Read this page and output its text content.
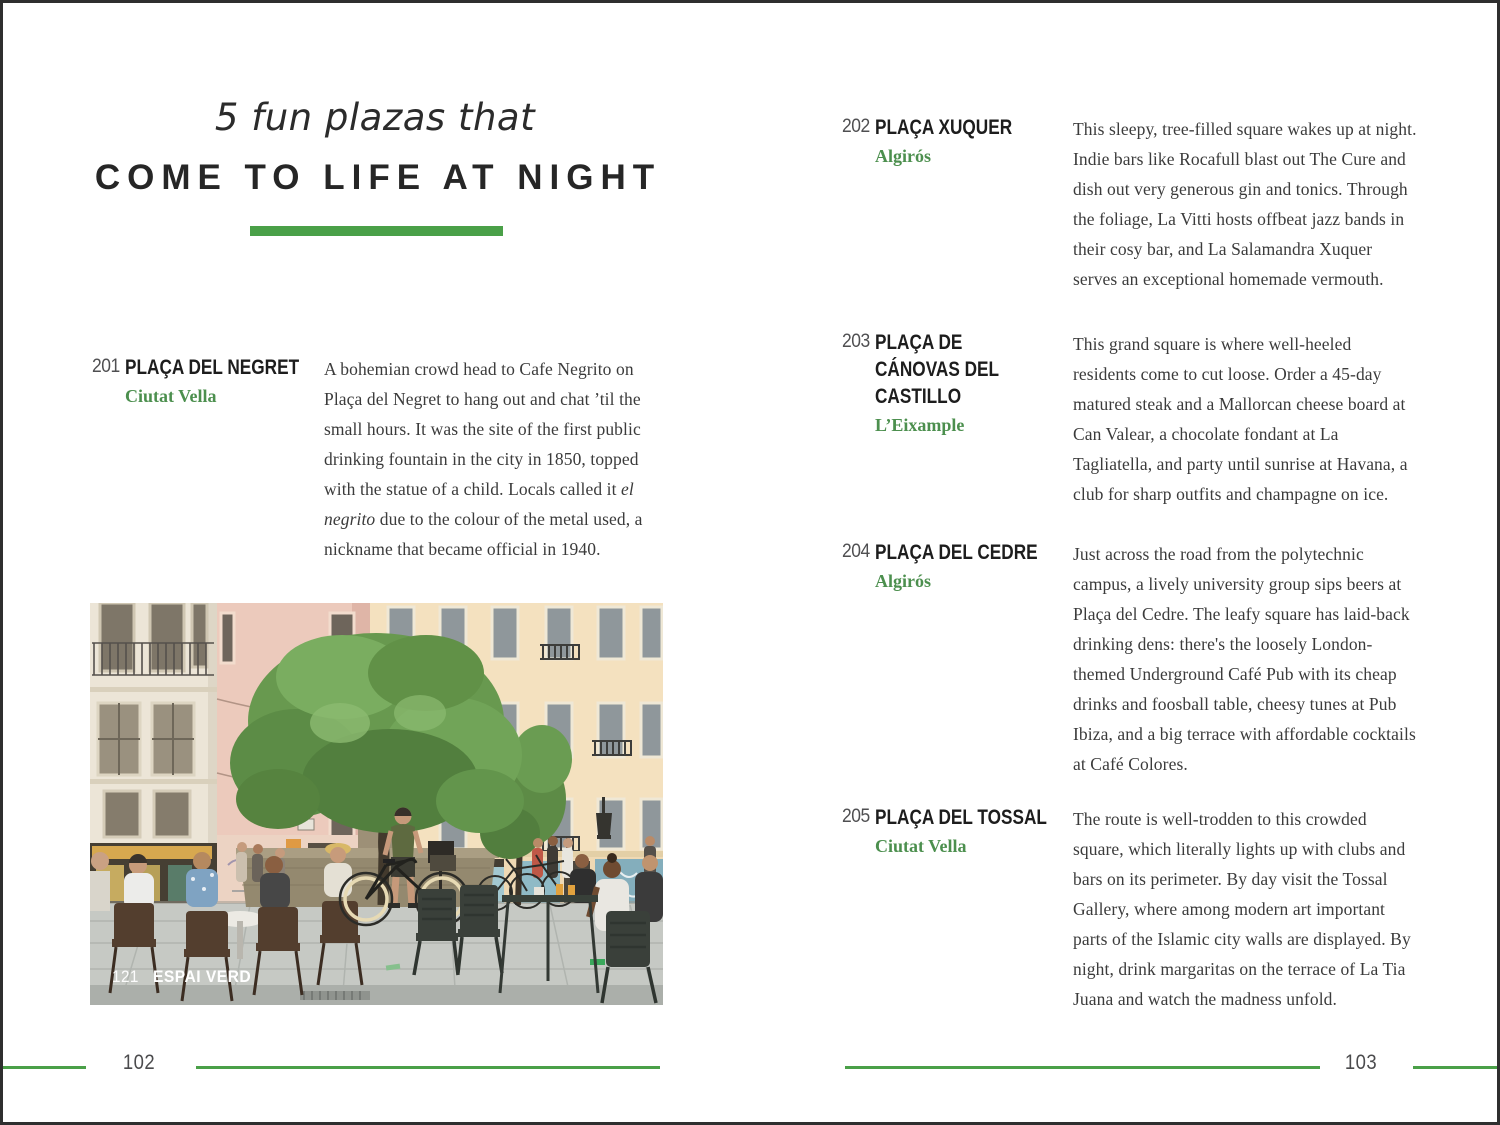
5 fun plazas that
COME TO LIFE AT NIGHT
201 PLAÇA DEL NEGRET
Ciutat Vella
A bohemian crowd head to Cafe Negrito on Plaça del Negret to hang out and chat ’til the small hours. It was the site of the first public drinking fountain in the city in 1850, topped with the statue of a child. Locals called it el negrito due to the colour of the metal used, a nickname that became official in 1940.
121 ESPAI VERD
102
202 PLAÇA XUQUER
Algirós
This sleepy, tree-filled square wakes up at night. Indie bars like Rocafull blast out The Cure and dish out very generous gin and tonics. Through the foliage, La Vitti hosts offbeat jazz bands in their cosy bar, and La Salamandra Xuquer serves an exceptional homemade vermouth.
203 PLAÇA DE CÁNOVAS DEL CASTILLO
L’Eixample
This grand square is where well-heeled residents come to cut loose. Order a 45-day matured steak and a Mallorcan cheese board at Can Valear, a chocolate fondant at La Tagliatella, and party until sunrise at Havana, a club for sharp outfits and champagne on ice.
204 PLAÇA DEL CEDRE
Algirós
Just across the road from the polytechnic campus, a lively university group sips beers at Plaça del Cedre. The leafy square has laid-back drinking dens: there's the loosely London-themed Underground Café Pub with its cheap drinks and foosball table, cheesy tunes at Pub Ibiza, and a big terrace with affordable cocktails at Café Colores.
205 PLAÇA DEL TOSSAL
Ciutat Vella
The route is well-trodden to this crowded square, which literally lights up with clubs and bars on its perimeter. By day visit the Tossal Gallery, where among modern art important parts of the Islamic city walls are displayed. By night, drink margaritas on the terrace of La Tia Juana and watch the madness unfold.
103
